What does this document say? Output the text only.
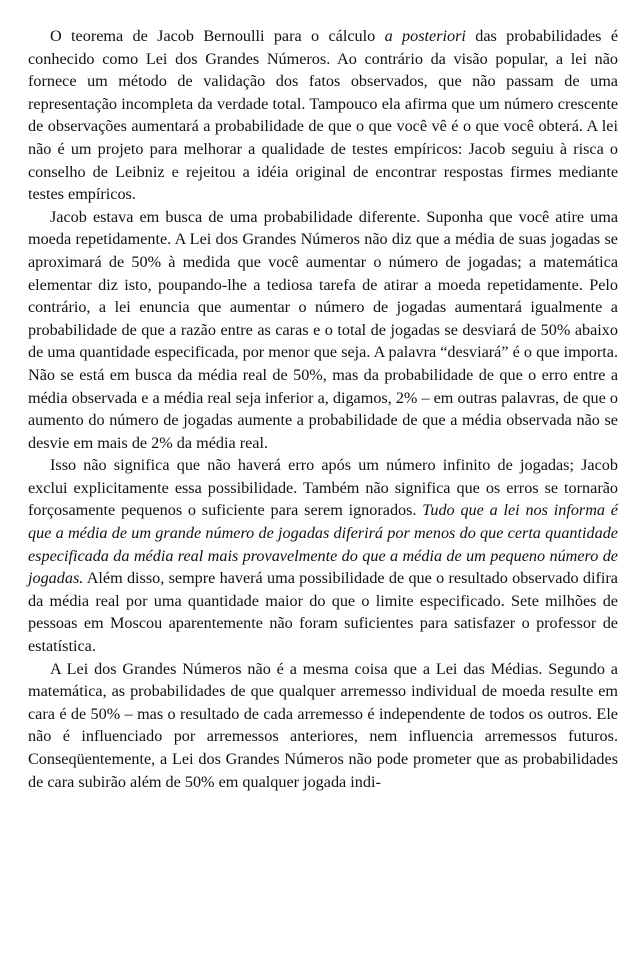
O teorema de Jacob Bernoulli para o cálculo a posteriori das probabilidades é conhecido como Lei dos Grandes Números. Ao contrário da visão popular, a lei não fornece um método de validação dos fatos observados, que não passam de uma representação incompleta da verdade total. Tampouco ela afirma que um número crescente de observações aumentará a probabilidade de que o que você vê é o que você obterá. A lei não é um projeto para melhorar a qualidade de testes empíricos: Jacob seguiu à risca o conselho de Leibniz e rejeitou a idéia original de encontrar respostas firmes mediante testes empíricos.

Jacob estava em busca de uma probabilidade diferente. Suponha que você atire uma moeda repetidamente. A Lei dos Grandes Números não diz que a média de suas jogadas se aproximará de 50% à medida que você aumentar o número de jogadas; a matemática elementar diz isto, poupando-lhe a tediosa tarefa de atirar a moeda repetidamente. Pelo contrário, a lei enuncia que aumentar o número de jogadas aumentará igualmente a probabilidade de que a razão entre as caras e o total de jogadas se desviará de 50% abaixo de uma quantidade especificada, por menor que seja. A palavra “desviará” é o que importa. Não se está em busca da média real de 50%, mas da probabilidade de que o erro entre a média observada e a média real seja inferior a, digamos, 2% – em outras palavras, de que o aumento do número de jogadas aumente a probabilidade de que a média observada não se desvie em mais de 2% da média real.

Isso não significa que não haverá erro após um número infinito de jogadas; Jacob exclui explicitamente essa possibilidade. Também não significa que os erros se tornarão forçosamente pequenos o suficiente para serem ignorados. Tudo que a lei nos informa é que a média de um grande número de jogadas diferirá por menos do que certa quantidade especificada da média real mais provavelmente do que a média de um pequeno número de jogadas. Além disso, sempre haverá uma possibilidade de que o resultado observado difira da média real por uma quantidade maior do que o limite especificado. Sete milhões de pessoas em Moscou aparentemente não foram suficientes para satisfazer o professor de estatística.

A Lei dos Grandes Números não é a mesma coisa que a Lei das Médias. Segundo a matemática, as probabilidades de que qualquer arremesso individual de moeda resulte em cara é de 50% – mas o resultado de cada arremesso é independente de todos os outros. Ele não é influenciado por arremessos anteriores, nem influencia arremessos futuros. Conseqüentemente, a Lei dos Grandes Números não pode prometer que as probabilidades de cara subirão além de 50% em qualquer jogada indi-
